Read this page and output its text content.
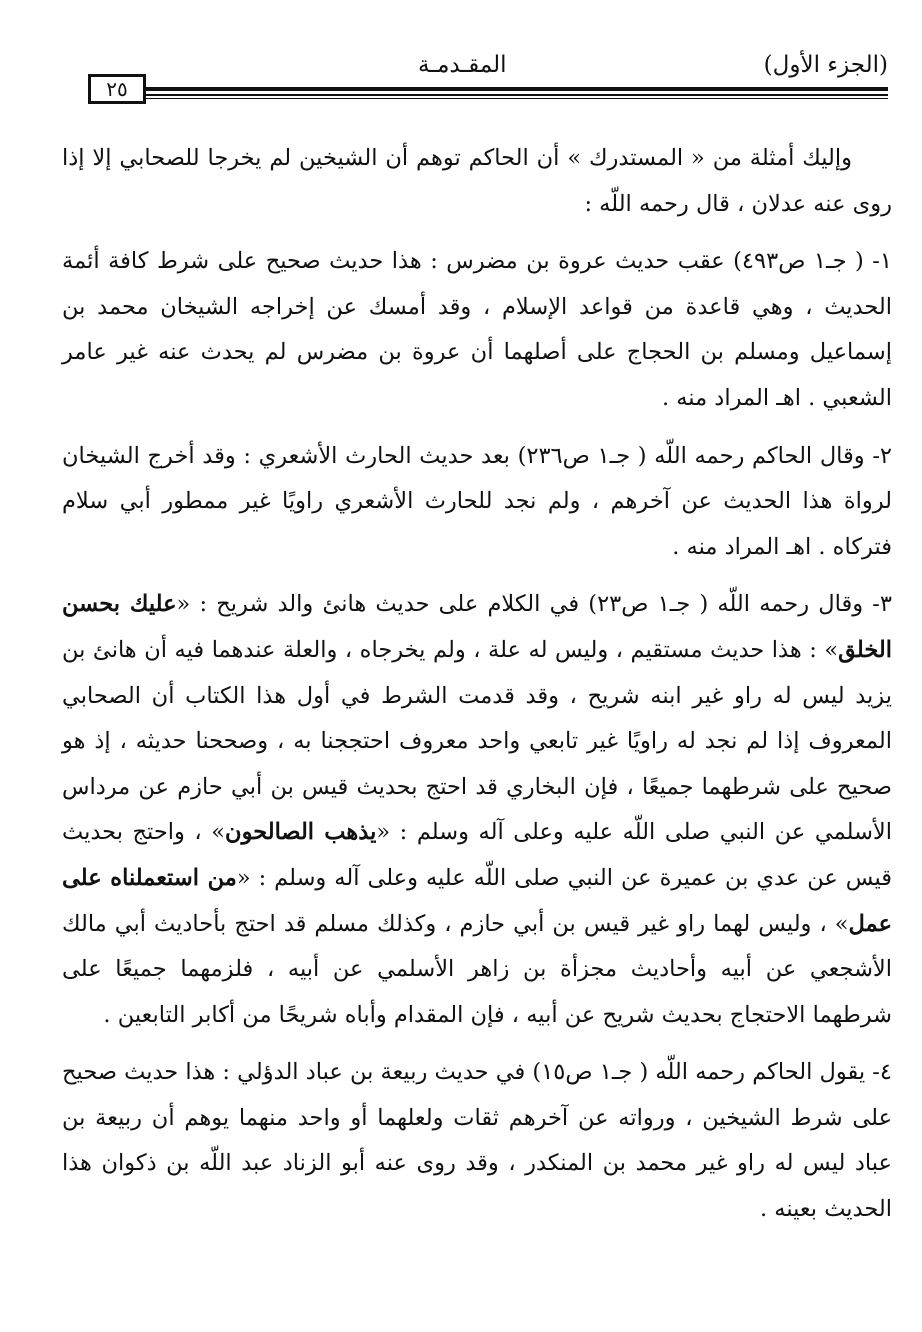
٢٥
المقـدمـة	(الجزء الأول)

وإليك أمثلة من « المستدرك » أن الحاكم توهم أن الشيخين لم يخرجا للصحابي إلا إذا روى عنه عدلان ، قال رحمه اللّه :

١- ( جـ١ ص٤٩٣) عقب حديث عروة بن مضرس : هذا حديث صحيح على شرط كافة أئمة الحديث ، وهي قاعدة من قواعد الإسلام ، وقد أمسك عن إخراجه الشيخان محمد بن إسماعيل ومسلم بن الحجاج على أصلهما أن عروة بن مضرس لم يحدث عنه غير عامر الشعبي . اهـ المراد منه .

٢- وقال الحاكم رحمه اللّه ( جـ١ ص٢٣٦) بعد حديث الحارث الأشعري : وقد أخرج الشيخان لرواة هذا الحديث عن آخرهم ، ولم نجد للحارث الأشعري راويًا غير ممطور أبي سلام فتركاه . اهـ المراد منه .

٣- وقال رحمه اللّه ( جـ١ ص٢٣) في الكلام على حديث هانئ والد شريح : «عليك بحسن الخلق» : هذا حديث مستقيم ، وليس له علة ، ولم يخرجاه ، والعلة عندهما فيه أن هانئ بن يزيد ليس له راو غير ابنه شريح ، وقد قدمت الشرط في أول هذا الكتاب أن الصحابي المعروف إذا لم نجد له راويًا غير تابعي واحد معروف احتججنا به ، وصححنا حديثه ، إذ هو صحيح على شرطهما جميعًا ، فإن البخاري قد احتج بحديث قيس بن أبي حازم عن مرداس الأسلمي عن النبي صلى اللّه عليه وعلى آله وسلم : «يذهب الصالحون» ، واحتج بحديث قيس عن عدي بن عميرة عن النبي صلى اللّه عليه وعلى آله وسلم : «من استعملناه على عمل» ، وليس لهما راو غير قيس بن أبي حازم ، وكذلك مسلم قد احتج بأحاديث أبي مالك الأشجعي عن أبيه وأحاديث مجزأة بن زاهر الأسلمي عن أبيه ، فلزمهما جميعًا على شرطهما الاحتجاج بحديث شريح عن أبيه ، فإن المقدام وأباه شريحًا من أكابر التابعين .

٤- يقول الحاكم رحمه اللّه ( جـ١ ص١٥) في حديث ربيعة بن عباد الدؤلي : هذا حديث صحيح على شرط الشيخين ، ورواته عن آخرهم ثقات ولعلهما أو واحد منهما يوهم أن ربيعة بن عباد ليس له راو غير محمد بن المنكدر ، وقد روى عنه أبو الزناد عبد اللّه بن ذكوان هذا الحديث بعينه .
